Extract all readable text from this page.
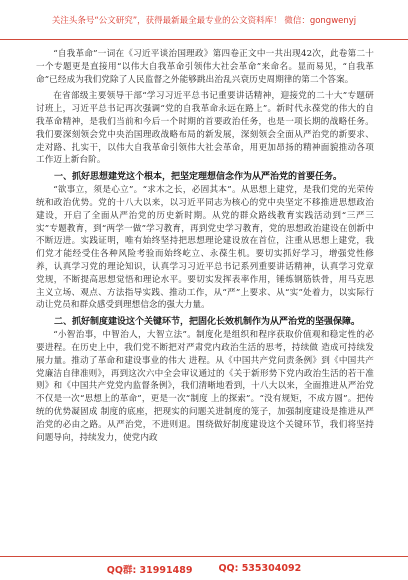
关注头条号“公文研究”，获得最新最全最专业的公文资料库！ 微信：gongwenyj

“自我革命”一词在《习近平谈治国理政》第四卷正文中一共出现42次，此卷第二十一个专题更是直接用“以伟大自我革命引领伟大社会革命”来命名。显而易见，“自我革命”已经成为我们党除了人民监督之外能够跳出治乱兴衰历史周期律的第二个答案。

在省部级主要领导干部“学习习近平总书记重要讲话精神，迎接党的二十大”专题研讨班上，习近平总书记再次强调“党的自我革命永远在路上”。新时代永葆党的伟大的自我革命精神，是我们当前和今后一个时期的首要政治任务，也是一项长期的战略任务。我们要深刻领会党中央治国理政战略布局的新发展，深刻领会全面从严治党的新要求、走对路、扎实干，以伟大自我革命引领伟大社会革命，用更加昂扬的精神面貌推动各项工作迈上新台阶。

一、抓好思想建党这个根本，把坚定理想信念作为从严治党的首要任务。

“欲事立，须是心立”。“求木之长，必固其本”。从思想上建党，是我们党的光荣传统和政治优势。党的十八大以来，以习近平同志为核心的党中央坚定不移推进思想政治建设，开启了全面从严治党的历史新时期。从党的群众路线教育实践活动到“三严三实”专题教育，到“两学一做”学习教育，再到党史学习教育，党的思想政治建设在创新中不断迈进。实践证明，唯有始终坚持把思想理论建设放在首位，注重从思想上建党，我们党才能经受住各种风险考验而始终屹立、永葆生机。要切实抓好学习，增强党性修养，认真学习党的理论知识，认真学习习近平总书记系列重要讲话精神，认真学习党章党规，不断提高思想觉悟和理论水平。要切实发挥表率作用，锤炼钢筋铁骨，用马克思主义立场、观点、方法指导实践、推动工作，从“严”上要求、从“实”处着力，以实际行动让党员和群众感受到理想信念的强大力量。

二、抓好制度建设这个关键环节，把固化长效机制作为从严治党的坚强保障。

“小智治事，中智治人，大智立法”。制度化是组织和程序获取价值观和稳定性的必要进程。在历史上中，我们党不断把对严肃党内政治生活的思考，持续做 造成可持续发展力量。推动了革命和建设事业的伟大 进程。从《中国共产党问责条例》到《中国共产党廉洁自律准则》，再到这次六中全会审议通过的《关于新形势下党内政治生活的若干准则》和《中国共产党党内监督条例》，我们清晰地看到，十八大以来，全面推进从严治党不仅是一次“思想上的革命”，更是一次“制度 上的探索”。“没有规矩，不成方圆”。把传统的优势凝固成 制度的底座，把现实的问题关进制度的笼子，加强制度建设是推进从严治党的必由之路。从严治党，不进则退。围绕做好制度建设这个关键环节，我们将坚持问题导向，持续发力，使党内政

QQ群: 31991489	QQ: 535304092
